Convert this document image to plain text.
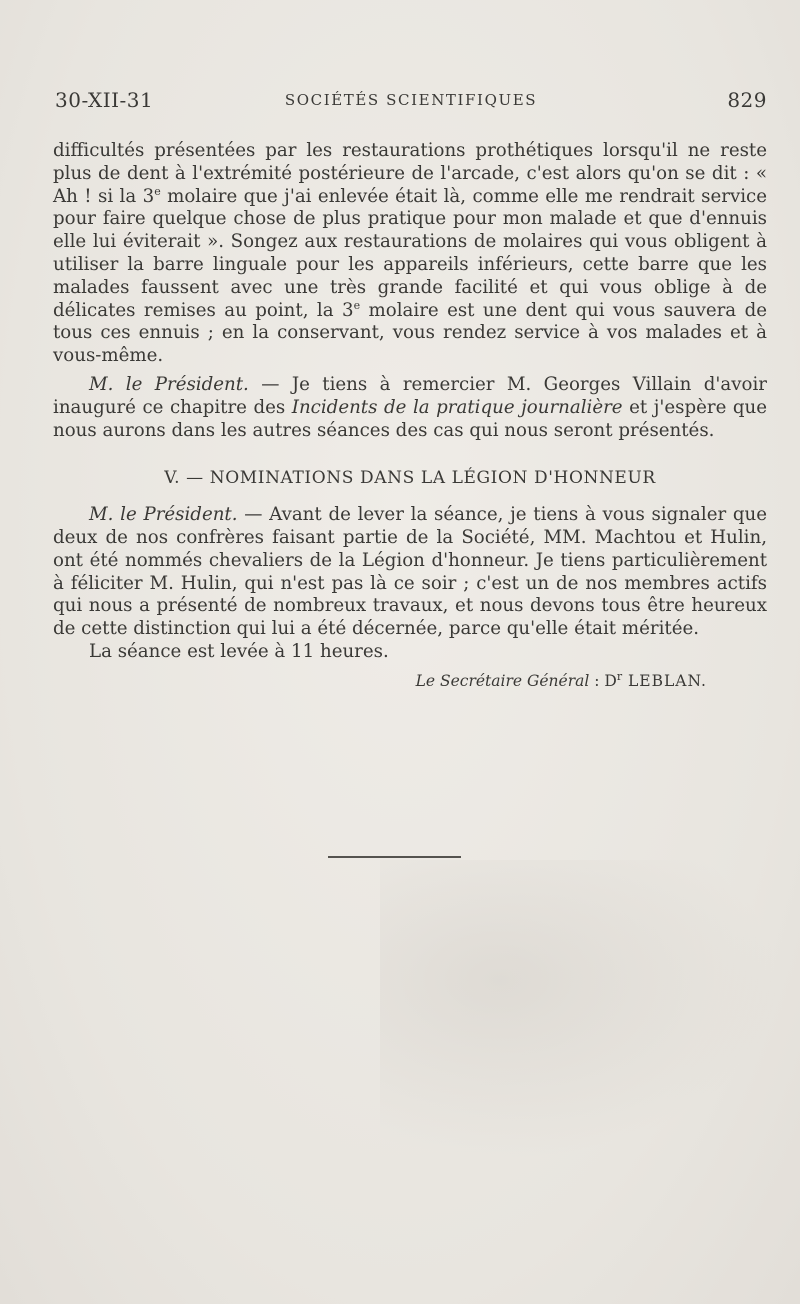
30-XII-31	SOCIÉTÉS SCIENTIFIQUES	829

difficultés présentées par les restaurations prothétiques lorsqu'il ne reste plus de dent à l'extrémité postérieure de l'arcade, c'est alors qu'on se dit : « Ah ! si la 3e molaire que j'ai enlevée était là, comme elle me rendrait service pour faire quelque chose de plus pratique pour mon malade et que d'ennuis elle lui éviterait ». Songez aux restaurations de molaires qui vous obligent à utiliser la barre linguale pour les appareils inférieurs, cette barre que les malades faussent avec une très grande facilité et qui vous oblige à de délicates remises au point, la 3e molaire est une dent qui vous sauvera de tous ces ennuis ; en la conservant, vous rendez service à vos malades et à vous-même.

M. le Président. — Je tiens à remercier M. Georges Villain d'avoir inauguré ce chapitre des Incidents de la pratique journalière et j'espère que nous aurons dans les autres séances des cas qui nous seront présentés.

V. — NOMINATIONS DANS LA LÉGION D'HONNEUR

M. le Président. — Avant de lever la séance, je tiens à vous signaler que deux de nos confrères faisant partie de la Société, MM. Machtou et Hulin, ont été nommés chevaliers de la Légion d'honneur. Je tiens particulièrement à féliciter M. Hulin, qui n'est pas là ce soir ; c'est un de nos membres actifs qui nous a présenté de nombreux travaux, et nous devons tous être heureux de cette distinction qui lui a été décernée, parce qu'elle était méritée.

La séance est levée à 11 heures.

Le Secrétaire Général : $D^r$ LEBLAN.
